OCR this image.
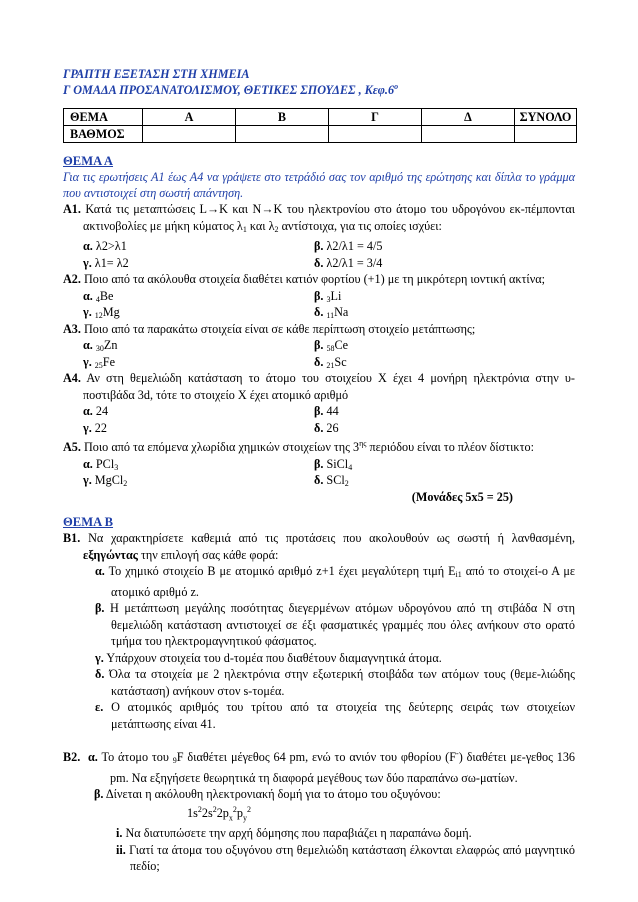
ΓΡΑΠΤΗ ΕΞΕΤΑΣΗ ΣΤΗ ΧΗΜΕΙΑ
Γ ΟΜΑΔΑ ΠΡΟΣΑΝΑΤΟΛΙΣΜΟΥ, ΘΕΤΙΚΕΣ ΣΠΟΥΔΕΣ , $K\varepsilon\varphi.6^o$
ΘΕΜΑ	Α	Β	Γ	Δ	ΣΥΝΟΛΟ
ΒΑΘΜΟΣ					
ΘΕΜΑ Α
Για τις ερωτήσεις Α1 έως Α4 να γράψετε στο τετράδιό σας τον αριθμό της ερώτησης και δίπλα το γράμμα που αντιστοιχεί στη σωστή απάντηση.
Α1. Κατά τις μεταπτώσεις L→K και N→K του ηλεκτρονίου στο άτομο του υδρογόνου εκ-πέμπονται ακτινοβολίες με μήκη κύματος $\lambda_1$ και $\lambda_2$ αντίστοιχα, για τις οποίες ισχύει:
α. λ2>λ1	β. λ2/λ1 = 4/5
γ. λ1= λ2	δ. λ2/λ1 = 3/4
Α2. Ποιο από τα ακόλουθα στοιχεία διαθέτει κατιόν φορτίου (+1) με τη μικρότερη ιοντική ακτίνα;
α. 4Be	β. 3Li
γ. 12Mg	δ. 11Na
Α3. Ποιο από τα παρακάτω στοιχεία είναι σε κάθε περίπτωση στοιχείο μετάπτωσης;
α. 30Zn	β. 58Ce
γ. 25Fe	δ. 21Sc
Α4. Αν στη θεμελιώδη κατάσταση το άτομο του στοιχείου Χ έχει 4 μονήρη ηλεκτρόνια στην υ-ποστιβάδα 3d, τότε το στοιχείο Χ έχει ατομικό αριθμό
α. 24	β. 44
γ. 22	δ. 26
Α5. Ποιο από τα επόμενα χλωρίδια χημικών στοιχείων της $3^{\eta\varsigma}$ περιόδου είναι το πλέον δίστικτο:
α. PCl$_3$	β. SiCl$_4$
γ. MgCl$_2$	δ. SCl$_2$
(Μονάδες 5x5 = 25)
ΘΕΜΑ Β
Β1. Να χαρακτηρίσετε καθεμιά από τις προτάσεις που ακολουθούν ως σωστή ή λανθασμένη, εξηγώντας την επιλογή σας κάθε φορά:
α. Το χημικό στοιχείο Β με ατομικό αριθμό z+1 έχει μεγαλύτερη τιμή $E_{i1}$ από το στοιχεί-ο Α με ατομικό αριθμό z.
β. Η μετάπτωση μεγάλης ποσότητας διεγερμένων ατόμων υδρογόνου από τη στιβάδα Ν στη θεμελιώδη κατάσταση αντιστοιχεί σε έξι φασματικές γραμμές που όλες ανήκουν στο ορατό τμήμα του ηλεκτρομαγνητικού φάσματος.
γ. Υπάρχουν στοιχεία του d-τομέα που διαθέτουν διαμαγνητικά άτομα.
δ. Όλα τα στοιχεία με 2 ηλεκτρόνια στην εξωτερική στοιβάδα των ατόμων τους (θεμε-λιώδης κατάσταση) ανήκουν στον s-τομέα.
ε. Ο ατομικός αριθμός του τρίτου από τα στοιχεία της δεύτερης σειράς των στοιχείων μετάπτωσης είναι 41.
Β2. α. Το άτομο του 9F διαθέτει μέγεθος 64 pm, ενώ το ανιόν του φθορίου (F-) διαθέτει με-γεθος 136 pm. Να εξηγήσετε θεωρητικά τη διαφορά μεγέθους των δύο παραπάνω σω-ματίων.
β. Δίνεται η ακόλουθη ηλεκτρονιακή δομή για το άτομο του οξυγόνου:
$1s^22s^22p_x^2p_y^2$
i. Να διατυπώσετε την αρχή δόμησης που παραβιάζει η παραπάνω δομή.
ii. Γιατί τα άτομα του οξυγόνου στη θεμελιώδη κατάσταση έλκονται ελαφρώς από μαγνητικό πεδίο;
